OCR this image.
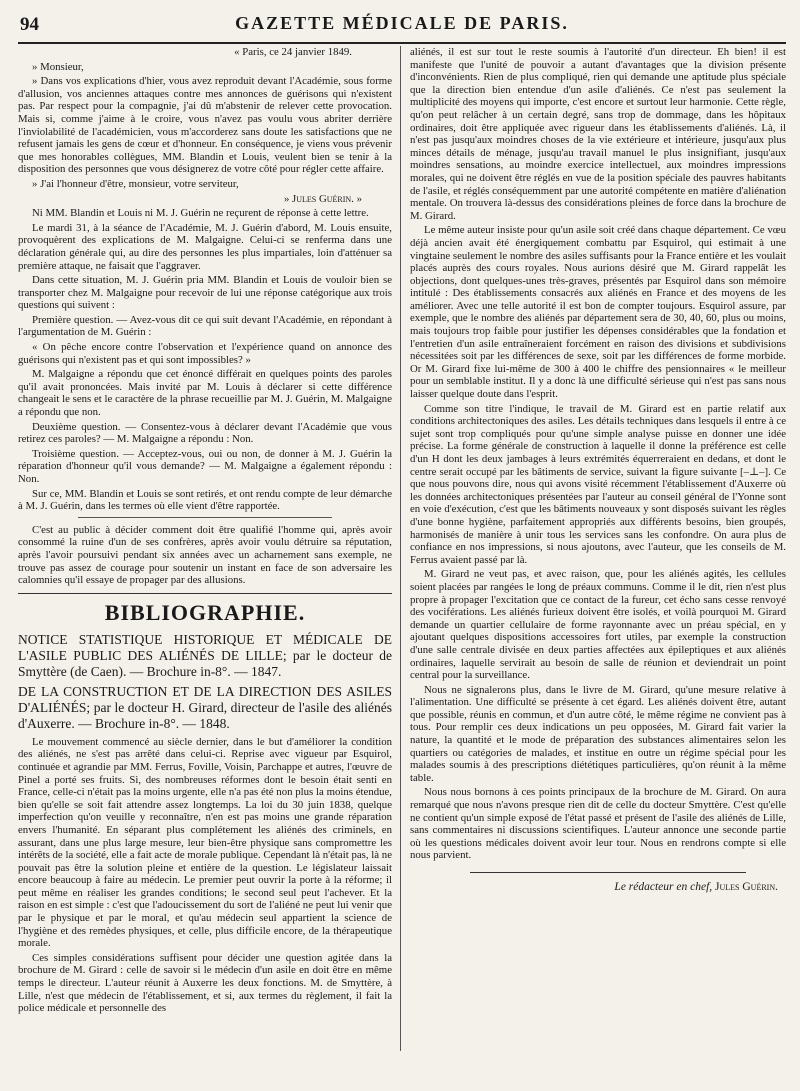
94	GAZETTE MÉDICALE DE PARIS.

« Paris, ce 24 janvier 1849.

» Monsieur,

» Dans vos explications d'hier, vous avez reproduit devant l'Académie, sous forme d'allusion, vos anciennes attaques contre mes annonces de guérisons qui n'existent pas. Par respect pour la compagnie, j'ai dû m'abstenir de relever cette provocation. Mais si, comme j'aime à le croire, vous n'avez pas voulu vous abriter derrière l'inviolabilité de l'académicien, vous m'accorderez sans doute les satisfactions que ne refusent jamais les gens de cœur et d'honneur. En conséquence, je viens vous prévenir que mes honorables collègues, MM. Blandin et Louis, veulent bien se tenir à la disposition des personnes que vous désignerez de votre côté pour régler cette affaire.

» J'ai l'honneur d'être, monsieur, votre serviteur,

» Jules Guérin. »

Ni MM. Blandin et Louis ni M. J. Guérin ne reçurent de réponse à cette lettre.

Le mardi 31, à la séance de l'Académie, M. J. Guérin d'abord, M. Louis ensuite, provoquèrent des explications de M. Malgaigne. Celui-ci se renferma dans une déclaration générale qui, au dire des personnes les plus impartiales, loin d'atténuer sa première attaque, ne faisait que l'aggraver.

Dans cette situation, M. J. Guérin pria MM. Blandin et Louis de vouloir bien se transporter chez M. Malgaigne pour recevoir de lui une réponse catégorique aux trois questions qui suivent :

Première question. — Avez-vous dit ce qui suit devant l'Académie, en répondant à l'argumentation de M. Guérin :

« On pêche encore contre l'observation et l'expérience quand on annonce des guérisons qui n'existent pas et qui sont impossibles? »

M. Malgaigne a répondu que cet énoncé différait en quelques points des paroles qu'il avait prononcées. Mais invité par M. Louis à déclarer si cette différence changeait le sens et le caractère de la phrase recueillie par M. J. Guérin, M. Malgaigne a répondu que non.

Deuxième question. — Consentez-vous à déclarer devant l'Académie que vous retirez ces paroles? — M. Malgaigne a répondu : Non.

Troisième question. — Acceptez-vous, oui ou non, de donner à M. J. Guérin la réparation d'honneur qu'il vous demande? — M. Malgaigne a également répondu : Non.

Sur ce, MM. Blandin et Louis se sont retirés, et ont rendu compte de leur démarche à M. J. Guérin, dans les termes où elle vient d'être rapportée.

C'est au public à décider comment doit être qualifié l'homme qui, après avoir consommé la ruine d'un de ses confrères, après avoir voulu détruire sa réputation, après l'avoir poursuivi pendant six années avec un acharnement sans exemple, ne trouve pas assez de courage pour soutenir un instant en face de son adversaire les calomnies qu'il essaye de propager par des allusions.

BIBLIOGRAPHIE.

NOTICE STATISTIQUE HISTORIQUE ET MÉDICALE DE L'ASILE PUBLIC DES ALIÉNÉS DE LILLE; par le docteur de Smyttère (de Caen). — Brochure in-8°. — 1847.

DE LA CONSTRUCTION ET DE LA DIRECTION DES ASILES D'ALIÉNÉS; par le docteur H. Girard, directeur de l'asile des aliénés d'Auxerre. — Brochure in-8°. — 1848.

Le mouvement commencé au siècle dernier, dans le but d'améliorer la condition des aliénés, ne s'est pas arrêté dans celui-ci. Reprise avec vigueur par Esquirol, continuée et agrandie par MM. Ferrus, Foville, Voisin, Parchappe et autres, l'œuvre de Pinel a porté ses fruits. Si, des nombreuses réformes dont le besoin était senti en France, celle-ci n'était pas la moins urgente, elle n'a pas été non plus la moins étendue, bien qu'elle se soit fait attendre assez longtemps. La loi du 30 juin 1838, quelque imperfection qu'on veuille y reconnaître, n'en est pas moins une grande réparation envers l'humanité. En séparant plus complétement les aliénés des criminels, en assurant, dans une plus large mesure, leur bien-être physique sans compromettre les intérêts de la société, elle a fait acte de morale publique. Cependant là n'était pas, là ne pouvait pas être la solution pleine et entière de la question. Le législateur laissait encore beaucoup à faire au médecin. Le premier peut ouvrir la porte à la réforme; il peut même en réaliser les grandes conditions; le second seul peut l'achever. Et la raison en est simple : c'est que l'adoucissement du sort de l'aliéné ne peut lui venir que par le physique et par le moral, et qu'au médecin seul appartient la science de l'hygiène et des remèdes physiques, et celle, plus difficile encore, de la thérapeutique morale.

Ces simples considérations suffisent pour décider une question agitée dans la brochure de M. Girard : celle de savoir si le médecin d'un asile en doit être en même temps le directeur. L'auteur réunit à Auxerre les deux fonctions. M. de Smyttère, à Lille, n'est que médecin de l'établissement, et si, aux termes du règlement, il fait la police médicale et personnelle des

aliénés, il est sur tout le reste soumis à l'autorité d'un directeur. Eh bien! il est manifeste que l'unité de pouvoir a autant d'avantages que la division présente d'inconvénients. Rien de plus compliqué, rien qui demande une aptitude plus spéciale que la direction bien entendue d'un asile d'aliénés. Ce n'est pas seulement la multiplicité des moyens qui importe, c'est encore et surtout leur harmonie. Cette règle, qu'on peut relâcher à un certain degré, sans trop de dommage, dans les hôpitaux ordinaires, doit être appliquée avec rigueur dans les établissements d'aliénés. Là, il n'est pas jusqu'aux moindres choses de la vie extérieure et intérieure, jusqu'aux plus minces détails de ménage, jusqu'au travail manuel le plus insignifiant, jusqu'aux moindres sensations, au moindre exercice intellectuel, aux moindres impressions morales, qui ne doivent être réglés en vue de la position spéciale des pauvres habitants de l'asile, et réglés conséquemment par une autorité compétente en matière d'aliénation mentale. On trouvera là-dessus des considérations pleines de force dans la brochure de M. Girard.

Le même auteur insiste pour qu'un asile soit créé dans chaque département. Ce vœu déjà ancien avait été énergiquement combattu par Esquirol, qui estimait à une vingtaine seulement le nombre des asiles suffisants pour la France entière et les voulait placés auprès des cours royales. Nous aurions désiré que M. Girard rappelât les objections, dont quelques-unes très-graves, présentés par Esquirol dans son mémoire intitulé : Des établissements consacrés aux aliénés en France et des moyens de les améliorer. Avec une telle autorité il est bon de compter toujours. Esquirol assure, par exemple, que le nombre des aliénés par département sera de 30, 40, 60, plus ou moins, mais toujours trop faible pour justifier les dépenses considérables que la fondation et l'entretien d'un asile entraîneraient forcément en raison des divisions et subdivisions nécessitées soit par les différences de sexe, soit par les différences de forme morbide. Or M. Girard fixe lui-même de 300 à 400 le chiffre des pensionnaires « le meilleur pour un semblable institut. Il y a donc là une difficulté sérieuse qui n'est pas sans nous laisser quelque doute dans l'esprit.

Comme son titre l'indique, le travail de M. Girard est en partie relatif aux conditions architectoniques des asiles. Les détails techniques dans lesquels il entre à ce sujet sont trop compliqués pour qu'une simple analyse puisse en donner une idée précise. La forme générale de construction à laquelle il donne la préférence est celle d'un H dont les deux jambages à leurs extrémités équerreraient en dedans, et dont le centre serait occupé par les bâtiments de service, suivant la figure suivante [–⊥–]. Ce que nous pouvons dire, nous qui avons visité récemment l'établissement d'Auxerre où les données architectoniques présentées par l'auteur au conseil général de l'Yonne sont en voie d'exécution, c'est que les bâtiments nouveaux y sont disposés suivant les règles d'une bonne hygiène, parfaitement appropriés aux différents besoins, bien groupés, harmonisés de manière à unir tous les services sans les confondre. On aura plus de confiance en nos impressions, si nous ajoutons, avec l'auteur, que les conseils de M. Ferrus avaient passé par là.

M. Girard ne veut pas, et avec raison, que, pour les aliénés agités, les cellules soient placées par rangées le long de préaux communs. Comme il le dit, rien n'est plus propre à propager l'excitation que ce contact de la fureur, cet écho sans cesse renvoyé des vociférations. Les aliénés furieux doivent être isolés, et voilà pourquoi M. Girard demande un quartier cellulaire de forme rayonnante avec un préau spécial, en y ajoutant quelques dispositions accessoires fort utiles, par exemple la construction d'une salle centrale divisée en deux parties affectées aux épileptiques et aux aliénés ordinaires, laquelle servirait au besoin de salle de réunion et deviendrait un point central pour la surveillance.

Nous ne signalerons plus, dans le livre de M. Girard, qu'une mesure relative à l'alimentation. Une difficulté se présente à cet égard. Les aliénés doivent être, autant que possible, réunis en commun, et d'un autre côté, le même régime ne convient pas à tous. Pour remplir ces deux indications un peu opposées, M. Girard fait varier la nature, la quantité et le mode de préparation des substances alimentaires selon les quartiers ou catégories de malades, et institue en outre un régime spécial pour les malades soumis à des prescriptions diététiques particulières, qu'on réunit à la même table.

Nous nous bornons à ces points principaux de la brochure de M. Girard. On aura remarqué que nous n'avons presque rien dit de celle du docteur Smyttère. C'est qu'elle ne contient qu'un simple exposé de l'état passé et présent de l'asile des aliénés de Lille, sans commentaires ni discussions scientifiques. L'auteur annonce une seconde partie où les questions médicales doivent avoir leur tour. Nous en rendrons compte si elle nous parvient.

Le rédacteur en chef, Jules Guérin.
